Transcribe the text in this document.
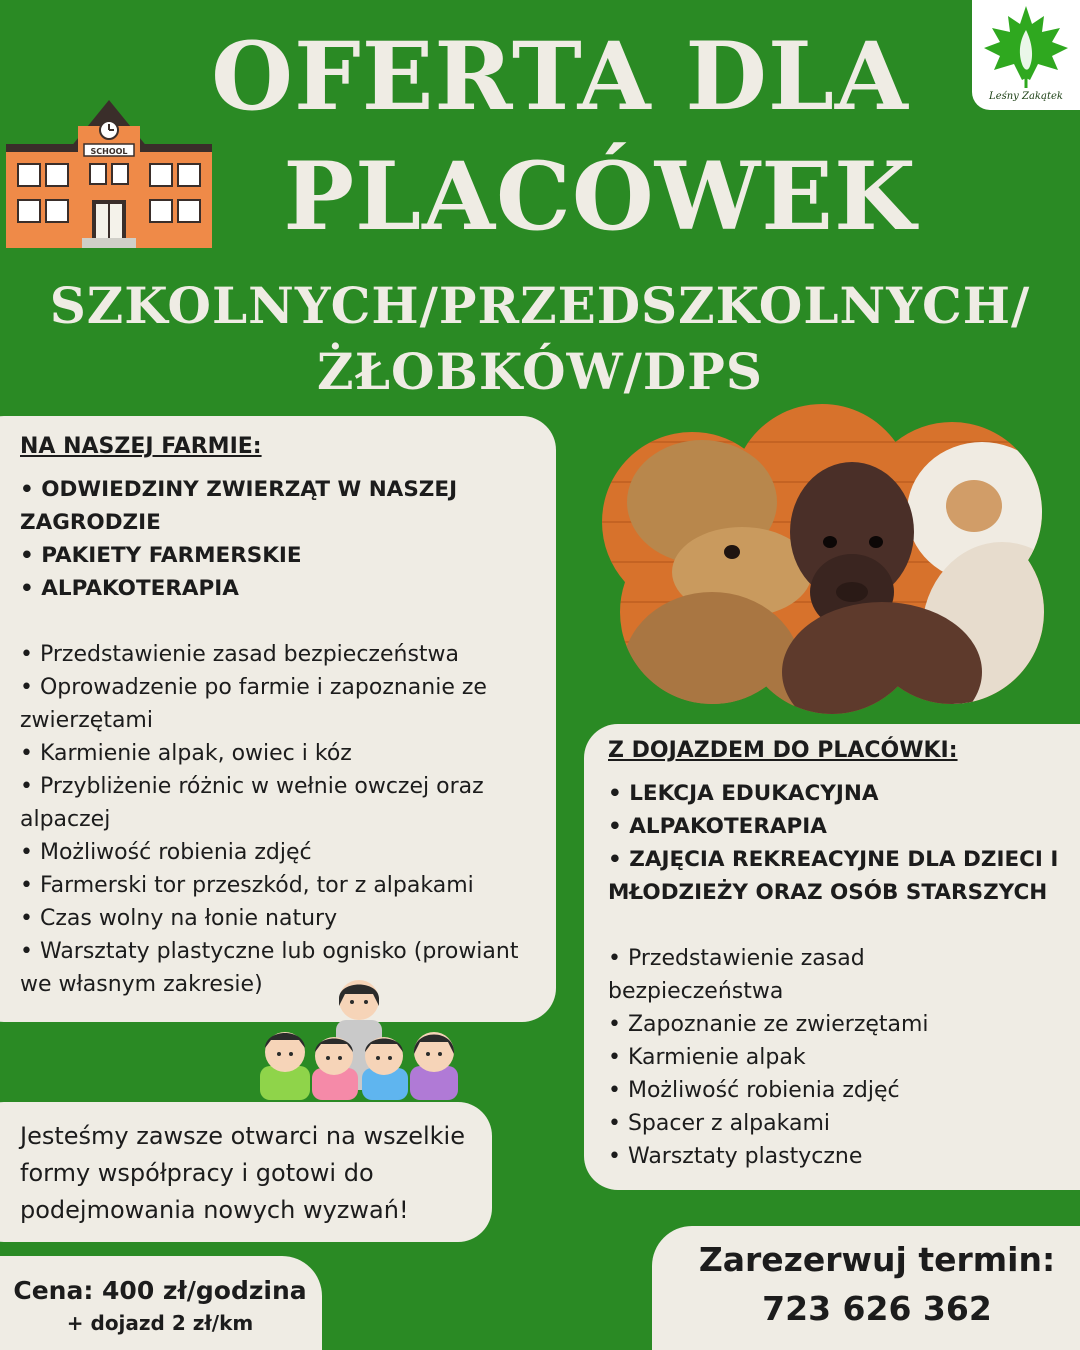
OFERTA DLA
PLACÓWEK
SZKOLNYCH/PRZEDSZKOLNYCH/
ŻŁOBKÓW/DPS
Leśny Zakątek
SCHOOL
NA NASZEJ FARMIE:
• ODWIEDZINY ZWIERZĄT W NASZEJ ZAGRODZIE
• PAKIETY FARMERSKIE
• ALPAKOTERAPIA
• Przedstawienie zasad bezpieczeństwa
• Oprowadzenie po farmie i zapoznanie ze zwierzętami
• Karmienie alpak, owiec i kóz
• Przybliżenie różnic w wełnie owczej oraz alpaczej
• Możliwość robienia zdjęć
• Farmerski tor przeszkód, tor z alpakami
• Czas wolny na łonie natury
• Warsztaty plastyczne lub ognisko (prowiant we własnym zakresie)
Z DOJAZDEM DO PLACÓWKI:
• LEKCJA EDUKACYJNA
• ALPAKOTERAPIA
• ZAJĘCIA REKREACYJNE DLA DZIECI I MŁODZIEŻY ORAZ OSÓB STARSZYCH
• Przedstawienie zasad bezpieczeństwa
• Zapoznanie ze zwierzętami
• Karmienie alpak
• Możliwość robienia zdjęć
• Spacer z alpakami
• Warsztaty plastyczne
Jesteśmy zawsze otwarci na wszelkie formy współpracy i gotowi do podejmowania nowych wyzwań!
Cena: 400 zł/godzina
+ dojazd 2 zł/km
Zarezerwuj termin:
723 626 362
